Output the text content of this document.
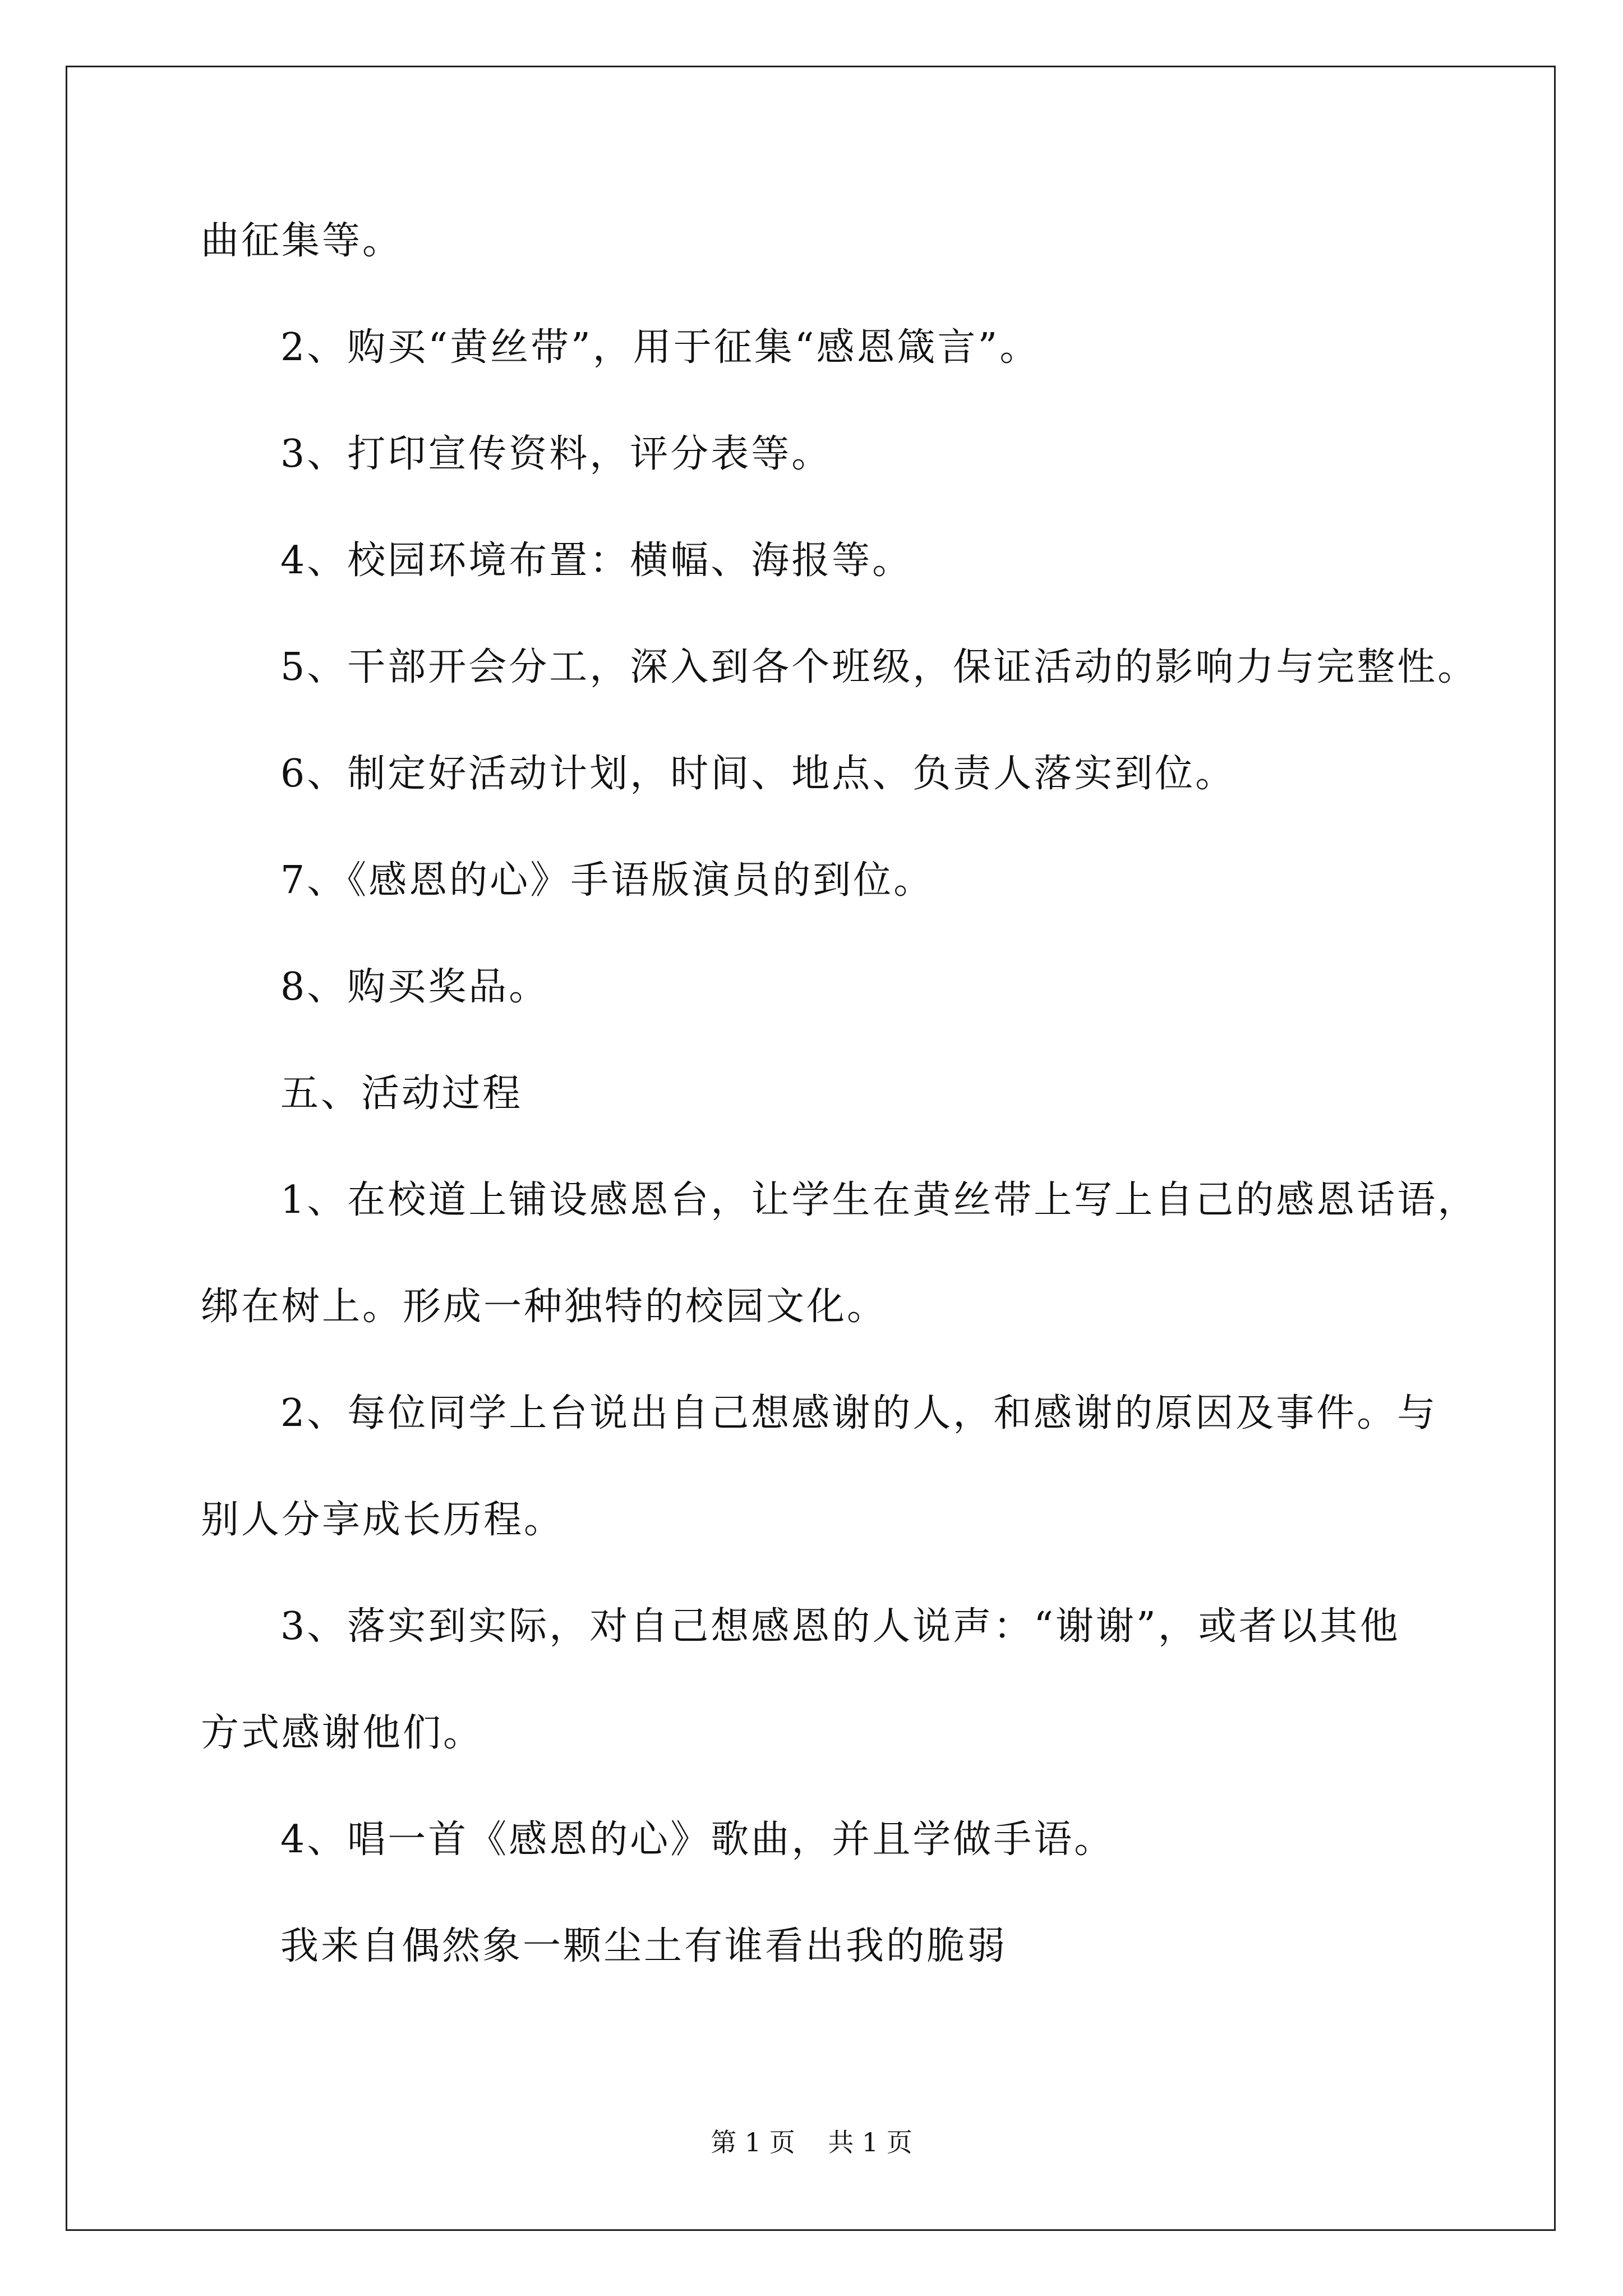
曲征集等。

2、购买“黄丝带”，用于征集“感恩箴言”。

3、打印宣传资料，评分表等。

4、校园环境布置：横幅、海报等。

5、干部开会分工，深入到各个班级，保证活动的影响力与完整性。

6、制定好活动计划，时间、地点、负责人落实到位。

7、《感恩的心》手语版演员的到位。

8、购买奖品。

五、活动过程

1、在校道上铺设感恩台，让学生在黄丝带上写上自己的感恩话语，

绑在树上。形成一种独特的校园文化。

2、每位同学上台说出自己想感谢的人，和感谢的原因及事件。与

别人分享成长历程。

3、落实到实际，对自己想感恩的人说声：“谢谢”，或者以其他

方式感谢他们。

4、唱一首《感恩的心》歌曲，并且学做手语。

我来自偶然象一颗尘土有谁看出我的脆弱

第 1 页    共 1 页
